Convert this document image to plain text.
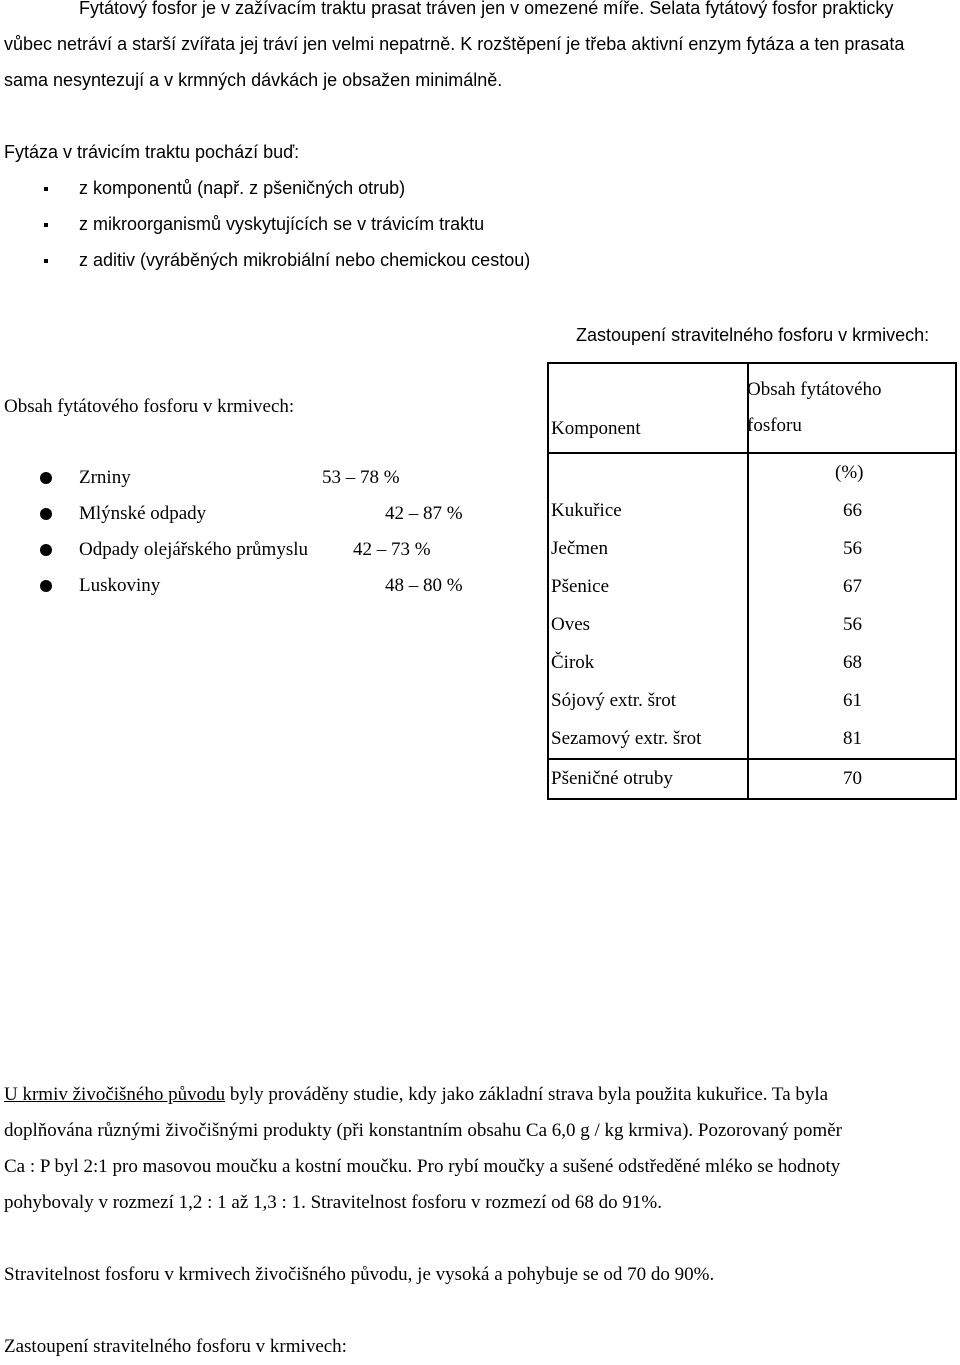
Fytátový fosfor je v zažívacím traktu prasat tráven jen v omezené míře. Selata fytátový fosfor prakticky
vůbec netráví a starší zvířata jej tráví jen velmi nepatrně. K rozštěpení je třeba aktivní enzym fytáza a ten prasata
sama nesyntezují a v krmných dávkách je obsažen minimálně.
Fytáza v trávicím traktu pochází buď:
z komponentů (např. z pšeničných otrub)
z mikroorganismů vyskytujících se v trávicím traktu
z aditiv (vyráběných mikrobiální nebo chemickou cestou)
Zastoupení stravitelného fosforu v krmivech:
Obsah fytátového fosforu v krmivech:
Zrniny	53 – 78 %
Mlýnské odpady	42 – 87 %
Odpady olejářského průmyslu 42 – 73 %
Luskoviny	48 – 80 %
Komponent	Obsah fytátového
fosforu

	(%)
Kukuřice	66
Ječmen	56
Pšenice	67
Oves	56
Čirok	68
Sójový extr. šrot	61
Sezamový extr. šrot	81
Pšeničné otruby	70
U krmiv živočišného původu byly prováděny studie, kdy jako základní strava byla použita kukuřice. Ta byla
doplňována různými živočišnými produkty (při konstantním obsahu Ca 6,0 g / kg krmiva). Pozorovaný poměr
Ca : P byl 2:1 pro masovou moučku a kostní moučku. Pro rybí moučky a sušené odstředěné mléko se hodnoty
pohybovaly v rozmezí 1,2 : 1 až 1,3 : 1. Stravitelnost fosforu v rozmezí od 68 do 91%.
Stravitelnost fosforu v krmivech živočišného původu, je vysoká a pohybuje se od 70 do 90%.
Zastoupení stravitelného fosforu v krmivech:
